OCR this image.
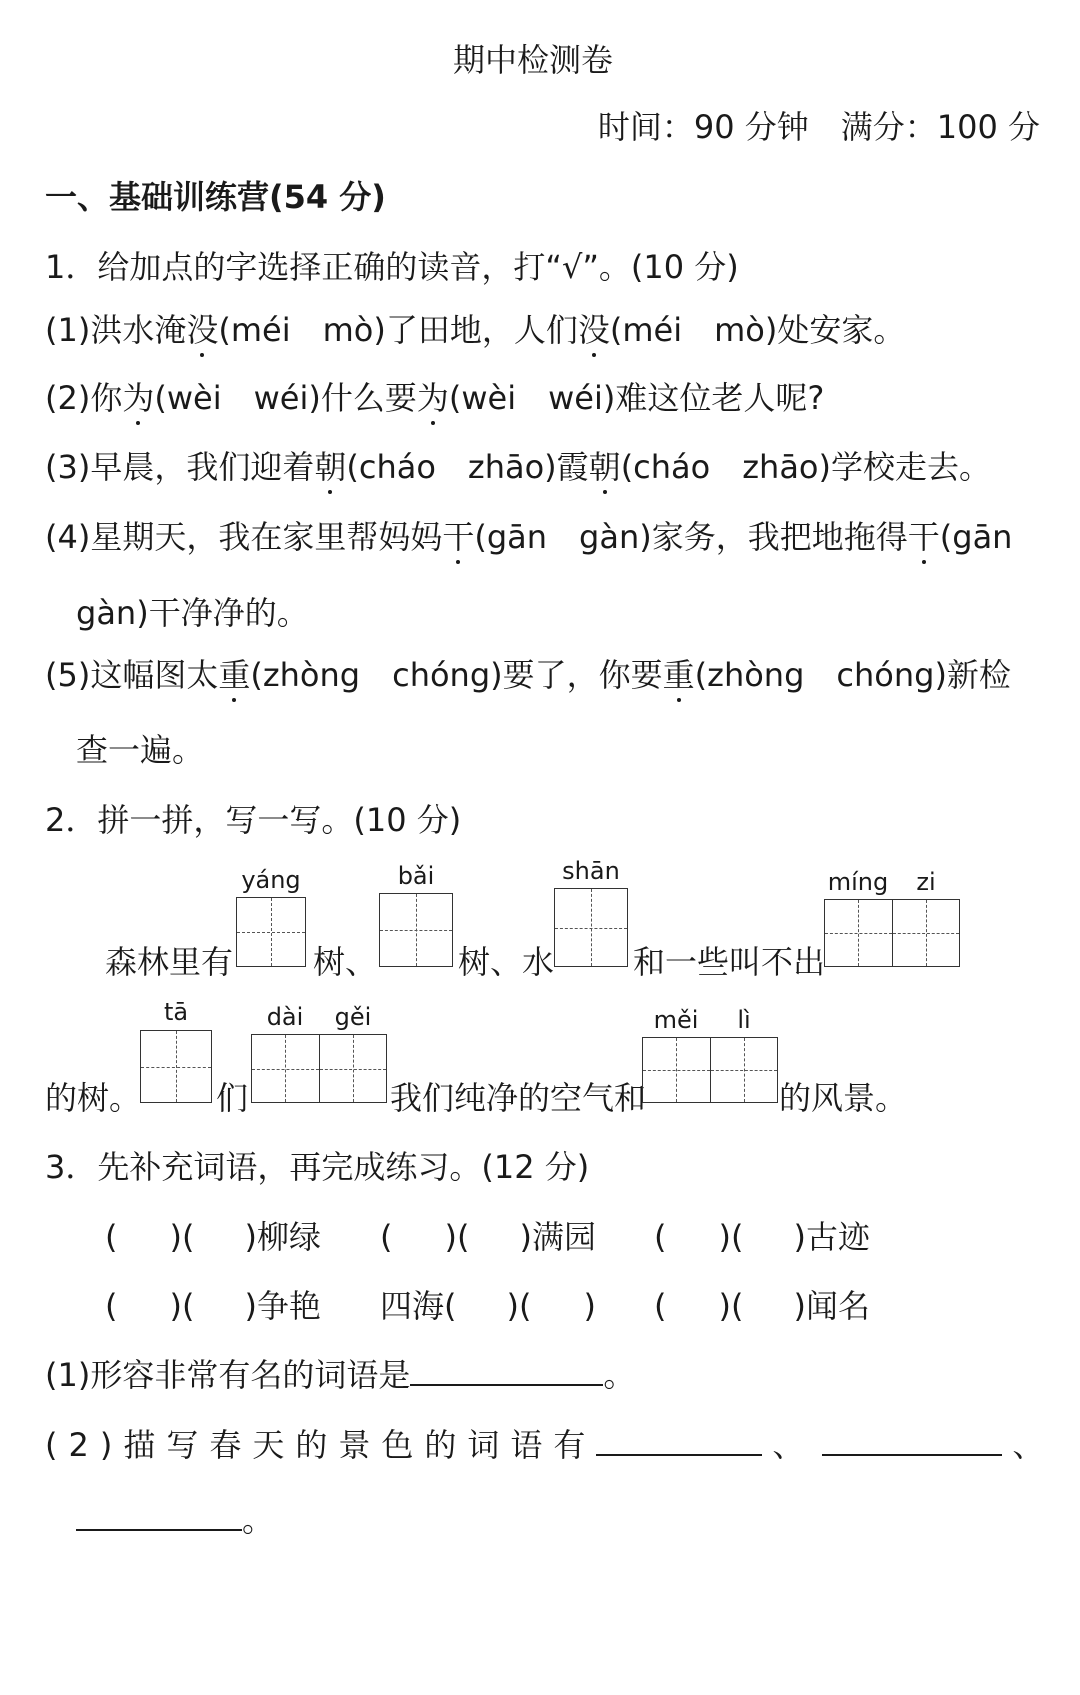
期中检测卷
时间：90 分钟　满分：100 分
一、基础训练营(54 分)
1．给加点的字选择正确的读音，打“√”。(10 分)
(1)洪水淹没(méi　mò)了田地，人们没(méi　mò)处安家。
(2)你为(wèi　wéi)什么要为(wèi　wéi)难这位老人呢?
(3)早晨，我们迎着朝(cháo　zhāo)霞朝(cháo　zhāo)学校走去。
(4)星期天，我在家里帮妈妈干(gān　gàn)家务，我把地拖得干(gān
gàn)干净净的。
(5)这幅图太重(zhòng　chóng)要了，你要重(zhòng　chóng)新检
查一遍。
2．拼一拼，写一写。(10 分)
森林里有
yáng
树、
bǎi
树、水
shān
和一些叫不出
míng	zi
的树。
tā
们
dài	gěi
我们纯净的空气和
měi	lì
的风景。
3．先补充词语，再完成练习。(12 分)
( )( )柳绿 ( )( )满园 ( )( )古迹
( )( )争艳 四海( )( ) ( )( )闻名
(1)形容非常有名的词语是	。
(2)描写春天的景色的词语有	、	、
。
